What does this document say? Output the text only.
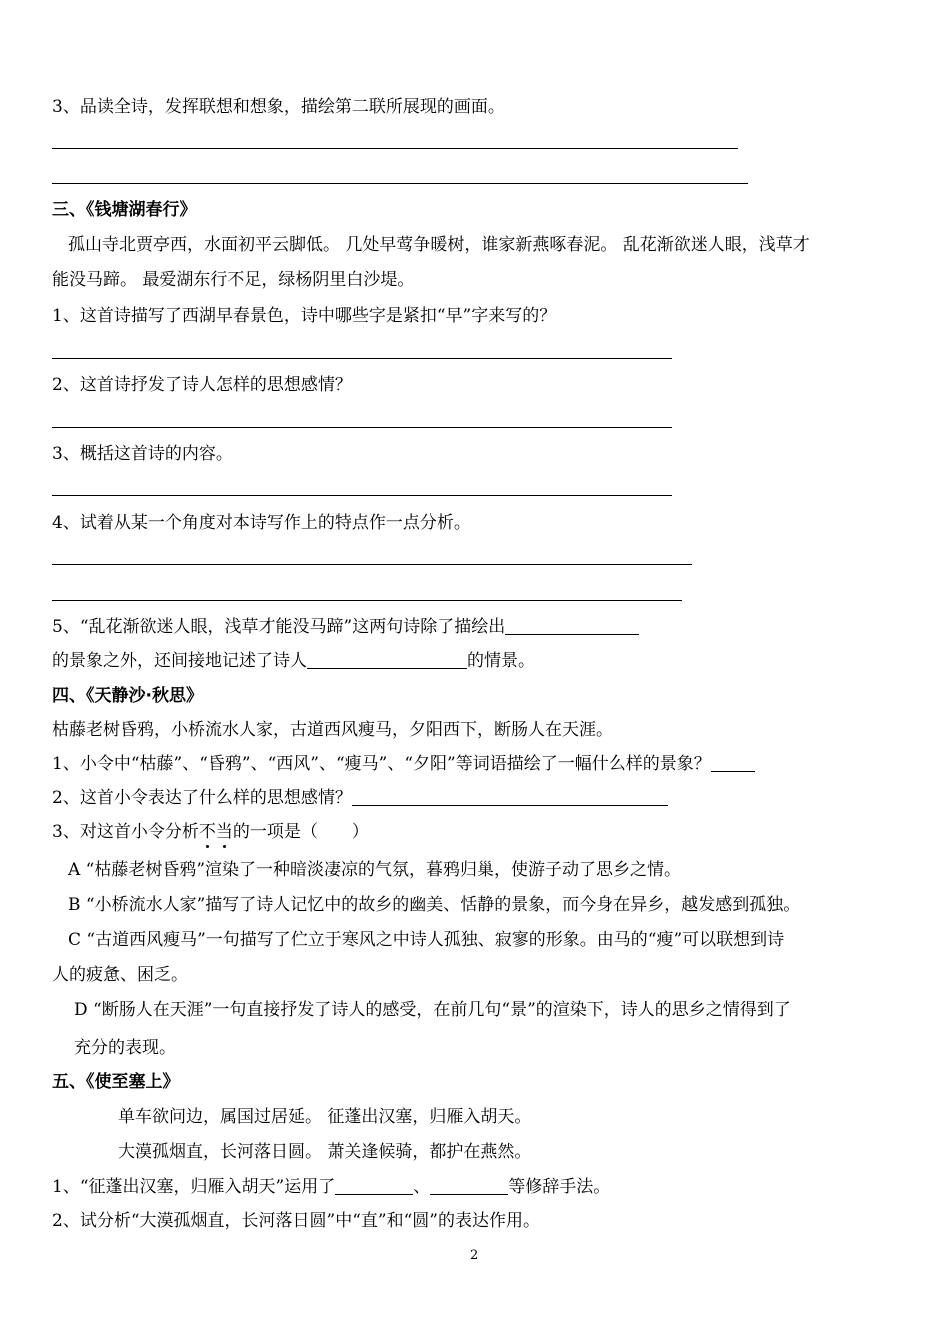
3、品读全诗，发挥联想和想象，描绘第二联所展现的画面。
三、《钱塘湖春行》
孤山寺北贾亭西，水面初平云脚低。 几处早莺争暖树，谁家新燕啄春泥。 乱花渐欲迷人眼，浅草才
能没马蹄。 最爱湖东行不足，绿杨阴里白沙堤。
1、这首诗描写了西湖早春景色，诗中哪些字是紧扣“早”字来写的？
2、这首诗抒发了诗人怎样的思想感情？
3、概括这首诗的内容。
4、试着从某一个角度对本诗写作上的特点作一点分析。
5、“乱花渐欲迷人眼，浅草才能没马蹄”这两句诗除了描绘出
的景象之外，还间接地记述了诗人	的情景。
四、《天静沙·秋思》
枯藤老树昏鸦，小桥流水人家，古道西风瘦马，夕阳西下，断肠人在天涯。
1、小令中“枯藤”、“昏鸦”、“西风”、“瘦马”、“夕阳”等词语描绘了一幅什么样的景象？
2、这首小令表达了什么样的思想感情？
3、对这首小令分析不当的一项是（　　）
A “枯藤老树昏鸦”渲染了一种暗淡凄凉的气氛，暮鸦归巢，使游子动了思乡之情。
B “小桥流水人家”描写了诗人记忆中的故乡的幽美、恬静的景象，而今身在异乡，越发感到孤独。
C “古道西风瘦马”一句描写了伫立于寒风之中诗人孤独、寂寥的形象。由马的“瘦”可以联想到诗
人的疲惫、困乏。
D “断肠人在天涯”一句直接抒发了诗人的感受，在前几句“景”的渲染下，诗人的思乡之情得到了
充分的表现。
五、《使至塞上》
单车欲问边，属国过居延。 征蓬出汉塞，归雁入胡天。
大漠孤烟直，长河落日圆。 萧关逢候骑，都护在燕然。
1、“征蓬出汉塞，归雁入胡天”运用了	、	等修辞手法。
2、试分析“大漠孤烟直，长河落日圆”中“直”和“圆”的表达作用。
2
